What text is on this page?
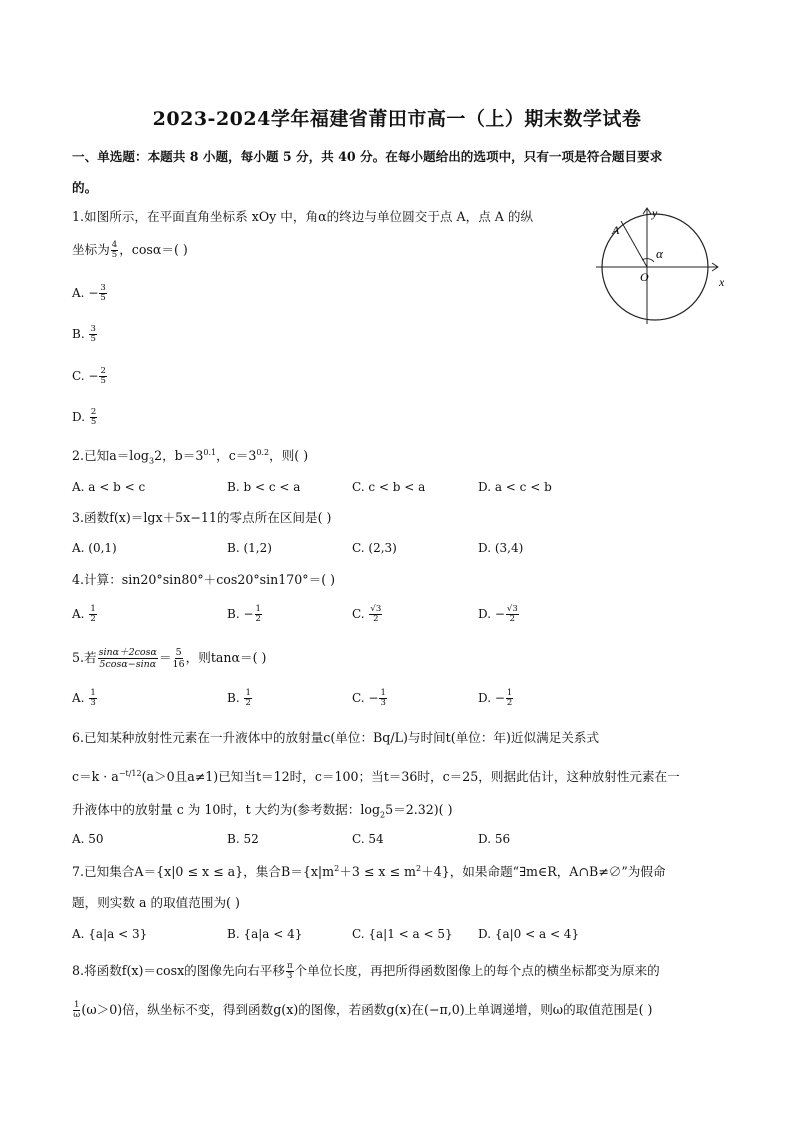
2023-2024学年福建省莆田市高一（上）期末数学试卷
一、单选题：本题共 8 小题，每小题 5 分，共 40 分。在每小题给出的选项中，只有一项是符合题目要求
的。
1.如图所示，在平面直角坐标系 xOy 中，角α的终边与单位圆交于点 A，点 A 的纵
坐标为 $\frac{4}{5}$ ，cosα＝( )
A. − $\frac{3}{5}$
B. $\frac{3}{5}$
C. − $\frac{2}{5}$
D. $\frac{2}{5}$
x
y
O
A
α
2.已知$a=\log_32$，$b=3^{0.1}$，$c=3^{0.2}$，则( )
A. a < b < c	B. b < c < a	C. c < b < a	D. a < c < b
3.函数f(x)＝lgx＋5x−11的零点所在区间是( )
A. (0,1)	B. (1,2)	C. (2,3)	D. (3,4)
4.计算：sin20°sin80°＋cos20°sin170°＝( )
A. $\frac{1}{2}$	B. − $\frac{1}{2}$	C. $\frac{√3}{2}$	D. − $\frac{√3}{2}$
5.若 $\frac{\sin\alpha+2\cos\alpha}{5\cos\alpha-\sin\alpha} = \frac{5}{16}$ ，则tanα＝( )
A. $\frac{1}{3}$	B. $\frac{1}{2}$	C. − $\frac{1}{3}$	D. − $\frac{1}{2}$
6.已知某种放射性元素在一升液体中的放射量c(单位：Bq/L)与时间t(单位：年)近似满足关系式
$c=k \cdot a^{-t/12}(a>0$且a≠1)已知当t＝12时，c＝100；当t＝36时，c＝25，则据此估计，这种放射性元素在一
升液体中的放射量 c 为 10时，t 大约为(参考数据：$\log_25=2.32$)( )
A. 50	B. 52	C. 54	D. 56
7.已知集合A＝{x|0 ≤ x ≤ a}，集合$B=\{x|m^2+3 \le x \le m^2+4\}$，如果命题“∃m∈R，A∩B≠∅”为假命
题，则实数 a 的取值范围为( )
A. {a|a < 3}	B. {a|a < 4}	C. {a|1 < a < 5} D. {a|0 < a < 4}
8.将函数f(x)＝cosx的图像先向右平移 $\frac{\pi}{3}$ 个单位长度，再把所得函数图像上的每个点的横坐标都变为原来的
$\frac{1}{\omega} (\omega>0)$倍，纵坐标不变，得到函数g(x)的图像，若函数g(x)在(−π,0)上单调递增，则ω的取值范围是( )
